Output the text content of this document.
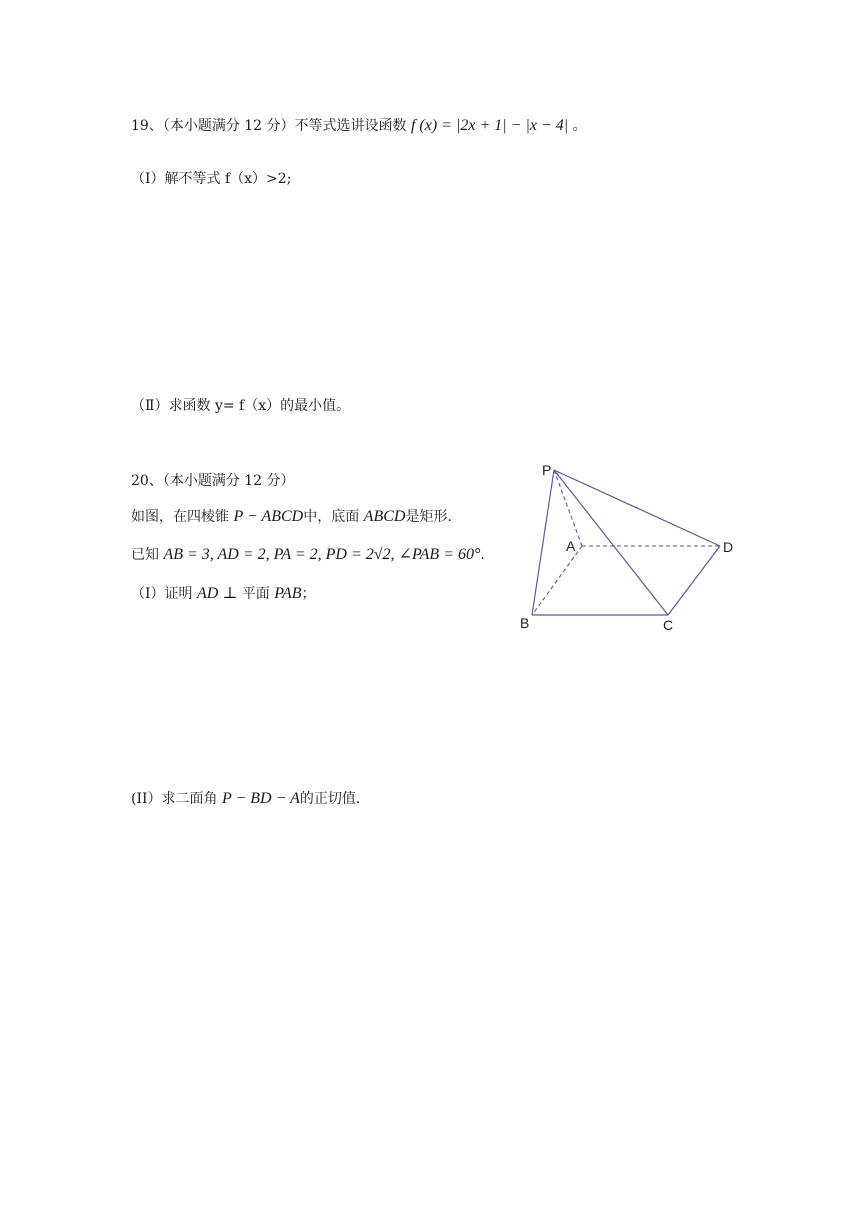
19、（本小题满分 12 分）不等式选讲设函数 f (x) = |2x + 1| − |x − 4| 。
（Ⅰ）解不等式 f（x）>2;
（Ⅱ）求函数 y= f（x）的最小值。
20、（本小题满分 12 分）
如图，在四棱锥 P − ABCD中，底面 ABCD是矩形.
已知 AB = 3, AD = 2, PA = 2, PD = 2√2, ∠PAB = 60°.
（Ⅰ）证明 AD ⊥ 平面 PAB；
(II）求二面角 P − BD − A的正切值.
P
A
B	C
D
